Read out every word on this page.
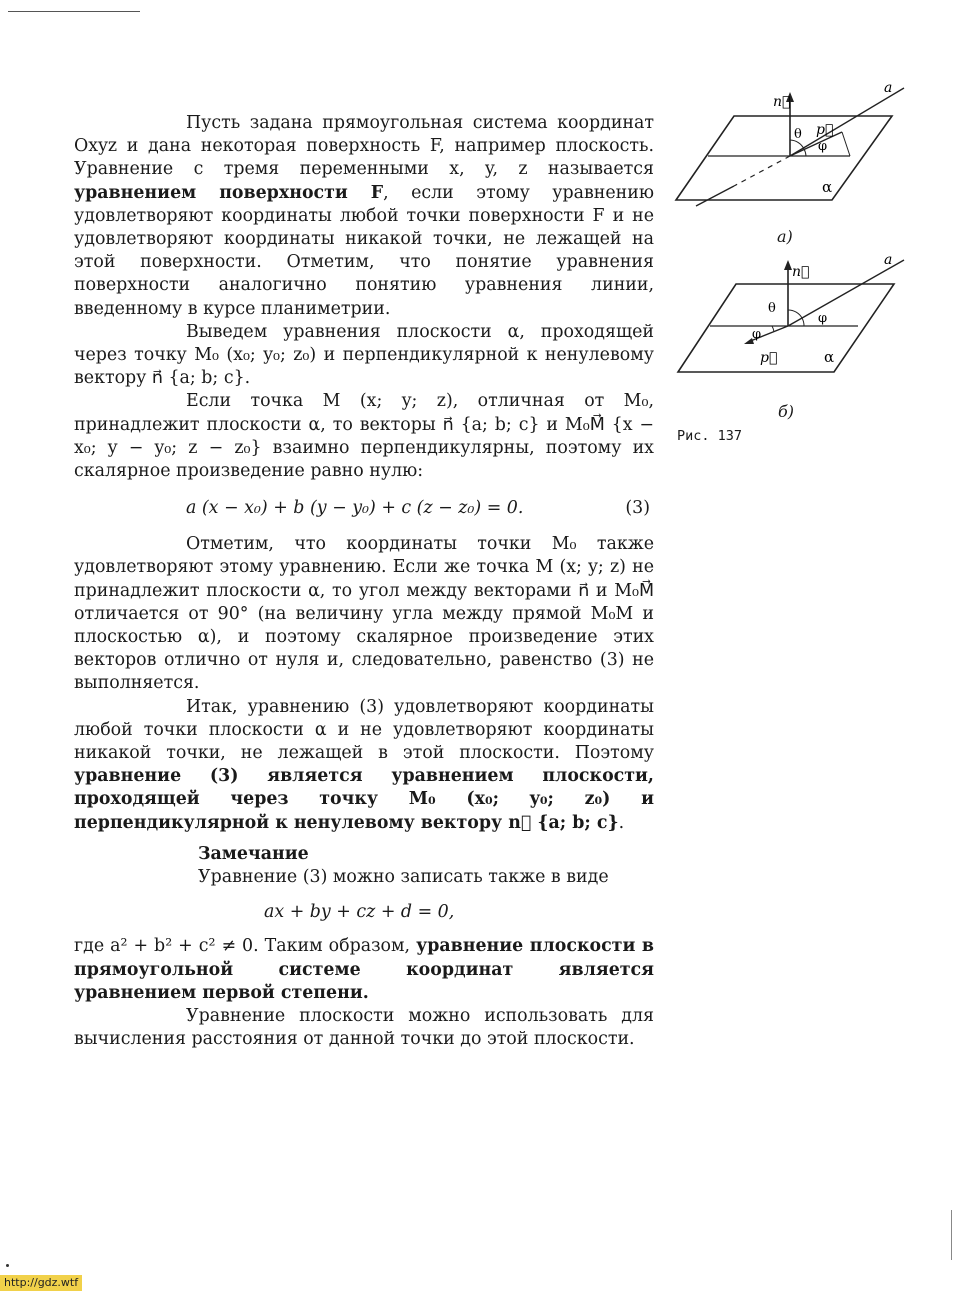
Пусть задана прямоугольная система координат Oxyz и дана некоторая поверхность F, например плоскость. Уравнение с тремя переменными x, y, z называется уравнением поверхности F, если этому уравнению удовлетворяют координаты любой точки поверхности F и не удовлетворяют координаты никакой точки, не лежащей на этой поверхности. Отметим, что понятие уравнения поверхности аналогично понятию уравнения линии, введенному в курсе планиметрии.

Выведем уравнения плоскости α, проходящей через точку M₀ (x₀; y₀; z₀) и перпендикулярной к ненулевому вектору n⃗ {a; b; c}.

Если точка M (x; y; z), отличная от M₀, принадлежит плоскости α, то векторы n⃗ {a; b; c} и M₀M⃗ {x − x₀; y − y₀; z − z₀} взаимно перпендикулярны, поэтому их скалярное произведение равно нулю:

a (x − x₀) + b (y − y₀) + c (z − z₀) = 0.	(3)

Отметим, что координаты точки M₀ также удовлетворяют этому уравнению. Если же точка M (x; y; z) не принадлежит плоскости α, то угол между векторами n⃗ и M₀M⃗ отличается от 90° (на величину угла между прямой M₀M и плоскостью α), и поэтому скалярное произведение этих векторов отлично от нуля и, следовательно, равенство (3) не выполняется.

Итак, уравнению (3) удовлетворяют координаты любой точки плоскости α и не удовлетворяют координаты никакой точки, не лежащей в этой плоскости. Поэтому уравнение (3) является уравнением плоскости, проходящей через точку M₀ (x₀; y₀; z₀) и перпендикулярной к ненулевому вектору n⃗ {a; b; c}.

Замечание

Уравнение (3) можно записать также в виде

ax + by + cz + d = 0,

где a² + b² + c² ≠ 0. Таким образом, уравнение плоскости в прямоугольной системе координат является уравнением первой степени.

Уравнение плоскости можно использовать для вычисления расстояния от данной точки до этой плоскости.

n⃗
p⃗
θ
φ
a
α
а)
n⃗
p⃗
θ
φ
φ
a
α
б)
Рис. 137
http://gdz.wtf
